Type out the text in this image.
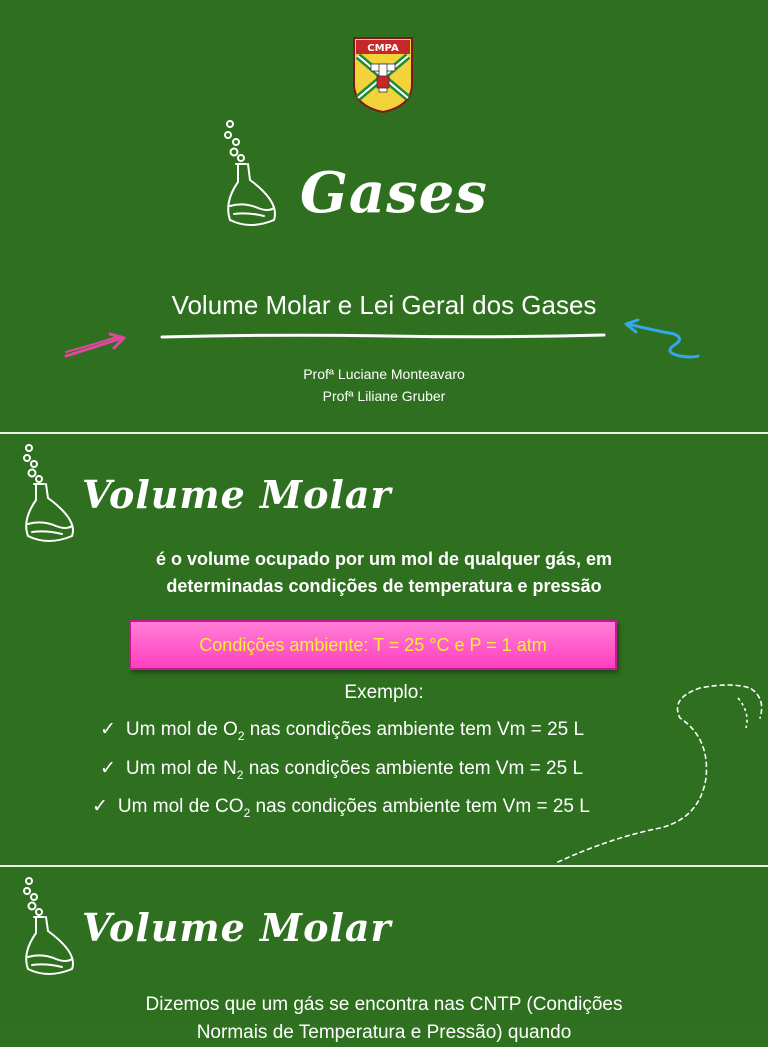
CMPA
Gases
Volume Molar e Lei Geral dos Gases
Profª Luciane Monteavaro
Profª Liliane Gruber
Volume Molar
é o volume ocupado por um mol de qualquer gás, em
determinadas condições de temperatura e pressão
Condições ambiente: T = 25 °C e P = 1 atm
Exemplo:
✓ Um mol de $O_2$ nas condições ambiente tem Vm = 25 L
✓ Um mol de $N_2$ nas condições ambiente tem Vm = 25 L
✓ Um mol de $CO_2$ nas condições ambiente tem Vm = 25 L
Volume Molar
Dizemos que um gás se encontra nas CNTP (Condições
Normais de Temperatura e Pressão) quando
